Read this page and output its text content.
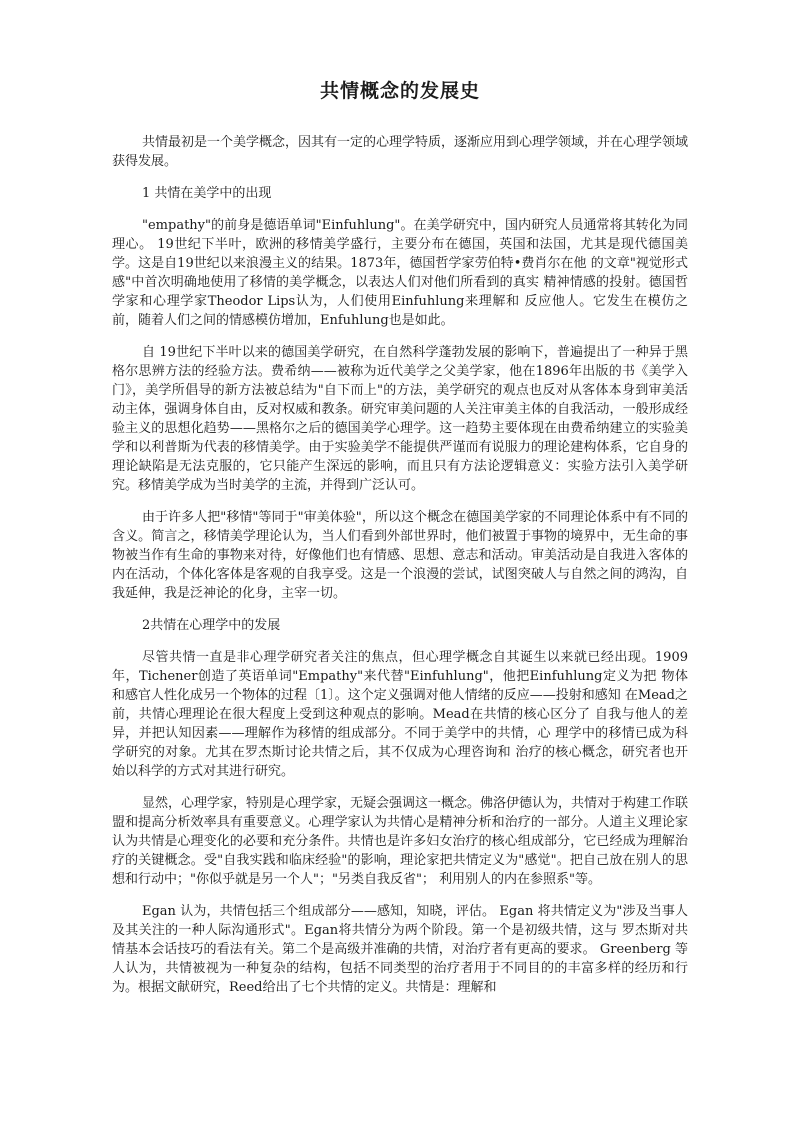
共情概念的发展史

共情最初是一个美学概念，因其有一定的心理学特质，逐渐应用到心理学领域，并在心理学领域获得发展。

1 共情在美学中的出现

"empathy"的前身是德语单词"Einfuhlung"。在美学研究中，国内研究人员通常将其转化为同理心。 19世纪下半叶，欧洲的移情美学盛行，主要分布在德国，英国和法国，尤其是现代德国美学。这是自19世纪以来浪漫主义的结果。1873年，德国哲学家劳伯特•费肖尔在他 的文章"视觉形式感"中首次明确地使用了移情的美学概念，以表达人们对他们所看到的真实 精神情感的投射。德国哲学家和心理学家Theodor Lips认为，人们使用Einfuhlung来理解和 反应他人。它发生在模仿之前，随着人们之间的情感模仿增加，Enfuhlung也是如此。

自 19世纪下半叶以来的德国美学研究，在自然科学蓬勃发展的影响下，普遍提出了一种异于黑格尔思辨方法的经验方法。费希纳——被称为近代美学之父美学家，他在1896年出版的书《美学入门》，美学所倡导的新方法被总结为"自下而上"的方法，美学研究的观点也反对从客体本身到审美活动主体，强调身体自由，反对权威和教条。研究审美问题的人关注审美主体的自我活动，一般形成经验主义的思想化趋势——黑格尔之后的德国美学心理学。这一趋势主要体现在由费希纳建立的实验美学和以利普斯为代表的移情美学。由于实验美学不能提供严谨而有说服力的理论建构体系，它自身的理论缺陷是无法克服的，它只能产生深远的影响，而且只有方法论逻辑意义：实验方法引入美学研究。移情美学成为当时美学的主流，并得到广泛认可。

由于许多人把"移情"等同于"审美体验"，所以这个概念在德国美学家的不同理论体系中有不同的含义。简言之，移情美学理论认为，当人们看到外部世界时，他们被置于事物的境界中，无生命的事物被当作有生命的事物来对待，好像他们也有情感、思想、意志和活动。审美活动是自我进入客体的内在活动，个体化客体是客观的自我享受。这是一个浪漫的尝试，试图突破人与自然之间的鸿沟，自我延伸，我是泛神论的化身，主宰一切。

2共情在心理学中的发展

尽管共情一直是非心理学研究者关注的焦点，但心理学概念自其诞生以来就已经出现。1909年，Tichener创造了英语单词"Empathy"来代替"Einfuhlung"，他把Einfuhlung定义为把 物体和感官人性化成另一个物体的过程〔1〕。这个定义强调对他人情绪的反应——投射和感知 在Mead之前，共情心理理论在很大程度上受到这种观点的影响。Mead在共情的核心区分了 自我与他人的差异，并把认知因素——理解作为移情的组成部分。不同于美学中的共情，心 理学中的移情已成为科学研究的对象。尤其在罗杰斯讨论共情之后，其不仅成为心理咨询和 治疗的核心概念，研究者也开始以科学的方式对其进行研究。

显然，心理学家，特别是心理学家，无疑会强调这一概念。佛洛伊德认为，共情对于构建工作联盟和提高分析效率具有重要意义。心理学家认为共情心是精神分析和治疗的一部分。人道主义理论家认为共情是心理变化的必要和充分条件。共情也是许多妇女治疗的核心组成部分，它已经成为理解治疗的关键概念。受"自我实践和临床经验"的影响，理论家把共情定义为"感觉"。把自己放在别人的思想和行动中；"你似乎就是另一个人"；"另类自我反省"； 利用别人的内在参照系"等。

Egan 认为，共情包括三个组成部分——感知，知晓，评估。 Egan 将共情定义为"涉及当事人及其关注的一种人际沟通形式"。Egan将共情分为两个阶段。第一个是初级共情，这与 罗杰斯对共情基本会话技巧的看法有关。第二个是高级并准确的共情，对治疗者有更高的要求。 Greenberg 等人认为，共情被视为一种复杂的结构，包括不同类型的治疗者用于不同目的的丰富多样的经历和行为。根据文献研究，Reed给出了七个共情的定义。共情是：理解和
